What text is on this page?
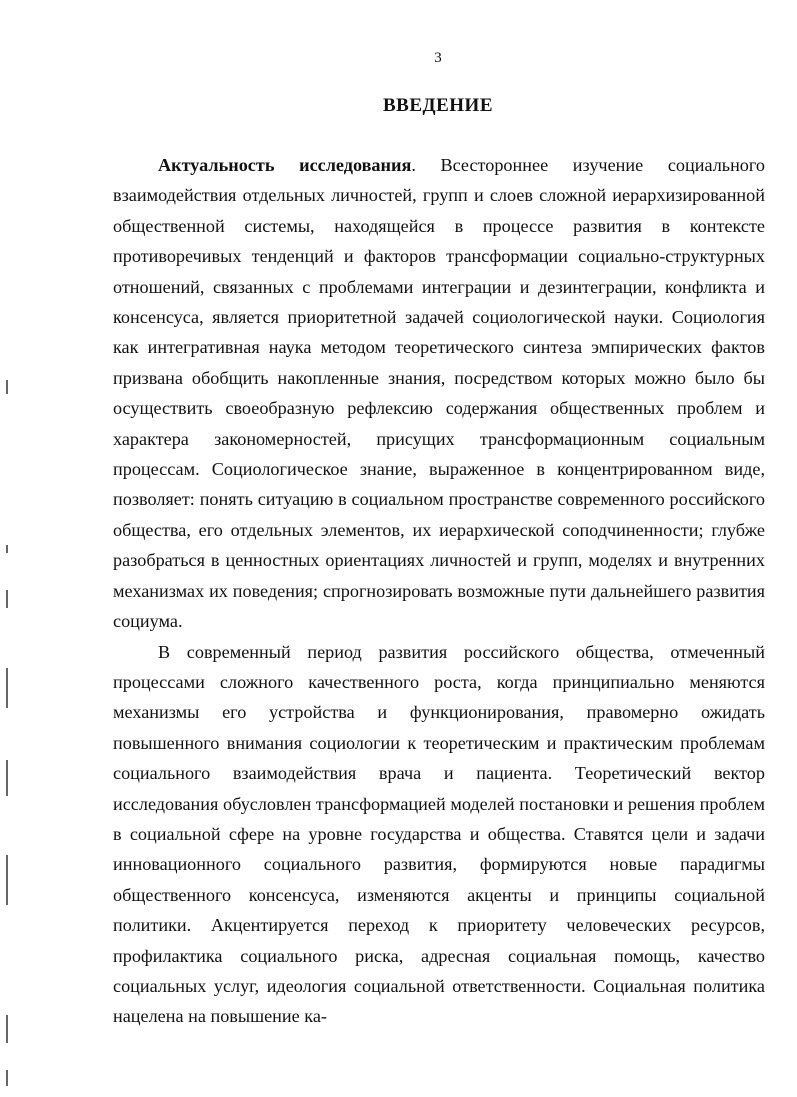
3
ВВЕДЕНИЕ

Актуальность исследования. Всестороннее изучение социального взаимодействия отдельных личностей, групп и слоев сложной иерархизированной общественной системы, находящейся в процессе развития в контексте противоречивых тенденций и факторов трансформации социально-структурных отношений, связанных с проблемами интеграции и дезинтеграции, конфликта и консенсуса, является приоритетной задачей социологической науки. Социология как интегративная наука методом теоретического синтеза эмпирических фактов призвана обобщить накопленные знания, посредством которых можно было бы осуществить своеобразную рефлексию содержания общественных проблем и характера закономерностей, присущих трансформационным социальным процессам. Социологическое знание, выраженное в концентрированном виде, позволяет: понять ситуацию в социальном пространстве современного российского общества, его отдельных элементов, их иерархической соподчиненности; глубже разобраться в ценностных ориентациях личностей и групп, моделях и внутренних механизмах их поведения; спрогнозировать возможные пути дальнейшего развития социума.

В современный период развития российского общества, отмеченный процессами сложного качественного роста, когда принципиально меняются механизмы его устройства и функционирования, правомерно ожидать повышенного внимания социологии к теоретическим и практическим проблемам социального взаимодействия врача и пациента. Теоретический вектор исследования обусловлен трансформацией моделей постановки и решения проблем в социальной сфере на уровне государства и общества. Ставятся цели и задачи инновационного социального развития, формируются новые парадигмы общественного консенсуса, изменяются акценты и принципы социальной политики. Акцентируется переход к приоритету человеческих ресурсов, профилактика социального риска, адресная социальная помощь, качество социальных услуг, идеология социальной ответственности. Социальная политика нацелена на повышение ка-
